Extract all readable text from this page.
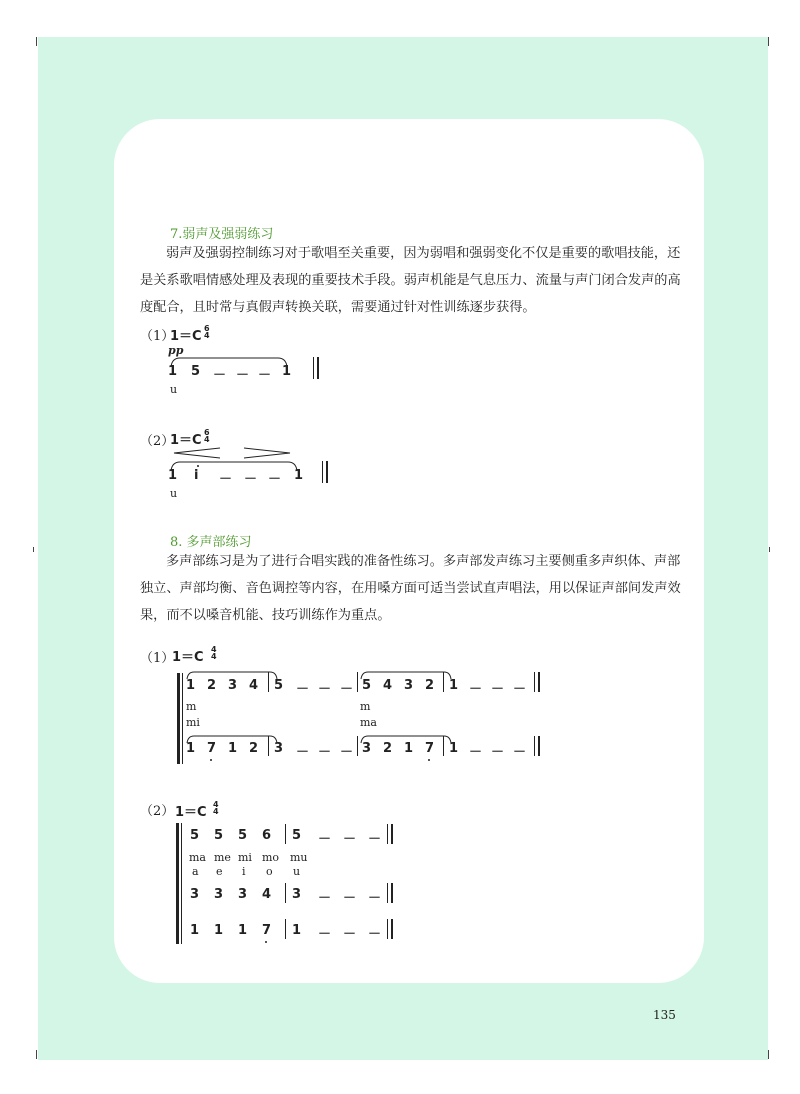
7.弱声及强弱练习
弱声及强弱控制练习对于歌唱至关重要，因为弱唱和强弱变化不仅是重要的歌唱技能，还是关系歌唱情感处理及表现的重要技术手段。弱声机能是气息压力、流量与声门闭合发声的高度配合，且时常与真假声转换关联，需要通过针对性训练逐步获得。
（1）
1＝C
6
4
pp
1 5 － － － 1
u
（2）
1＝C
6
4
1 i － － － 1
u
8. 多声部练习
多声部练习是为了进行合唱实践的准备性练习。多声部发声练习主要侧重多声织体、声部独立、声部均衡、音色调控等内容，在用嗓方面可适当尝试直声唱法，用以保证声部间发声效果，而不以嗓音机能、技巧训练作为重点。
（1）
1＝C
4
4
1 2 3 4 5 － － － 5 4 3 2 1 － － －
m
mi
m
ma
1 7 1 2 3 － － － 3 2 1 7 1 － － －
（2） 1＝C
4
4
5 5 5 6 5 － － －
ma me mi mo mu
a e i o u
3 3 3 4 3 － － －
1 1 1 7 1 － － －
135
